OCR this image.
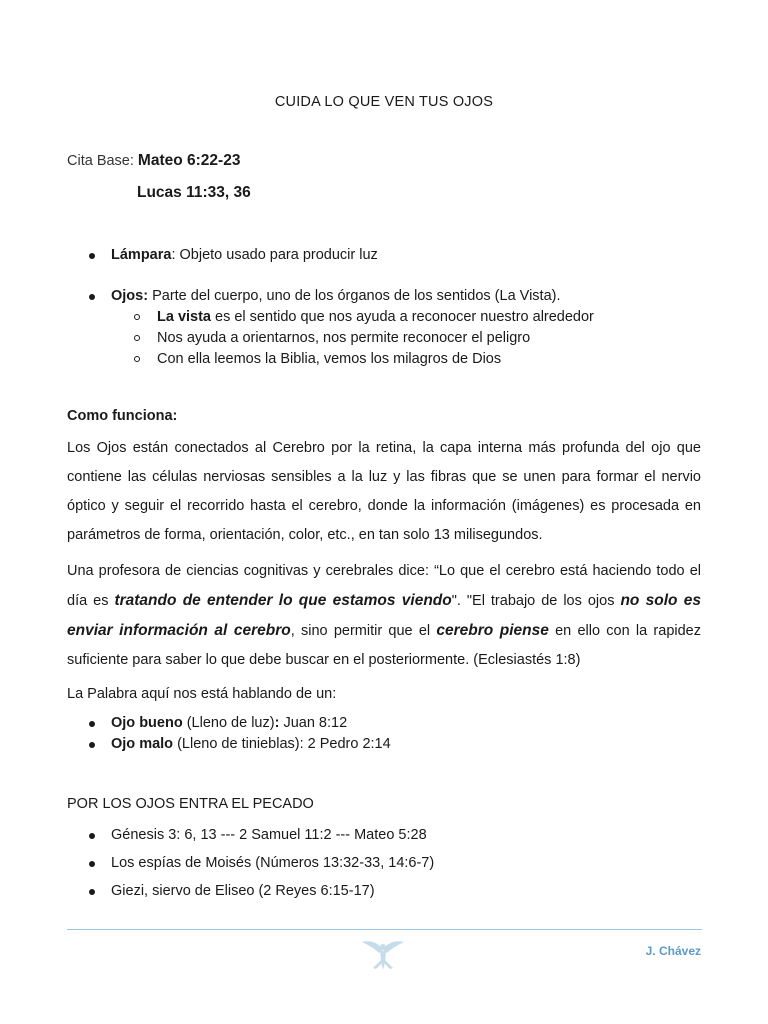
CUIDA LO QUE VEN TUS OJOS
Cita Base: Mateo 6:22-23
Lucas 11:33, 36
Lámpara: Objeto usado para producir luz
Ojos: Parte del cuerpo, uno de los órganos de los sentidos (La Vista).
La vista es el sentido que nos ayuda a reconocer nuestro alrededor
Nos ayuda a orientarnos, nos permite reconocer el peligro
Con ella leemos la Biblia, vemos los milagros de Dios
Como funciona:
Los Ojos están conectados al Cerebro por la retina, la capa interna más profunda del ojo que contiene las células nerviosas sensibles a la luz y las fibras que se unen para formar el nervio óptico y seguir el recorrido hasta el cerebro, donde la información (imágenes) es procesada en parámetros de forma, orientación, color, etc., en tan solo 13 milisegundos.
Una profesora de ciencias cognitivas y cerebrales dice: “Lo que el cerebro está haciendo todo el día es tratando de entender lo que estamos viendo". "El trabajo de los ojos no solo es enviar información al cerebro, sino permitir que el cerebro piense en ello con la rapidez suficiente para saber lo que debe buscar en el posteriormente. (Eclesiastés 1:8)
La Palabra aquí nos está hablando de un:
Ojo bueno (Lleno de luz): Juan 8:12
Ojo malo (Lleno de tinieblas): 2 Pedro 2:14
POR LOS OJOS ENTRA EL PECADO
Génesis 3: 6, 13 --- 2 Samuel 11:2 --- Mateo 5:28
Los espías de Moisés (Números 13:32-33, 14:6-7)
Giezi, siervo de Eliseo (2 Reyes 6:15-17)
J. Chávez
